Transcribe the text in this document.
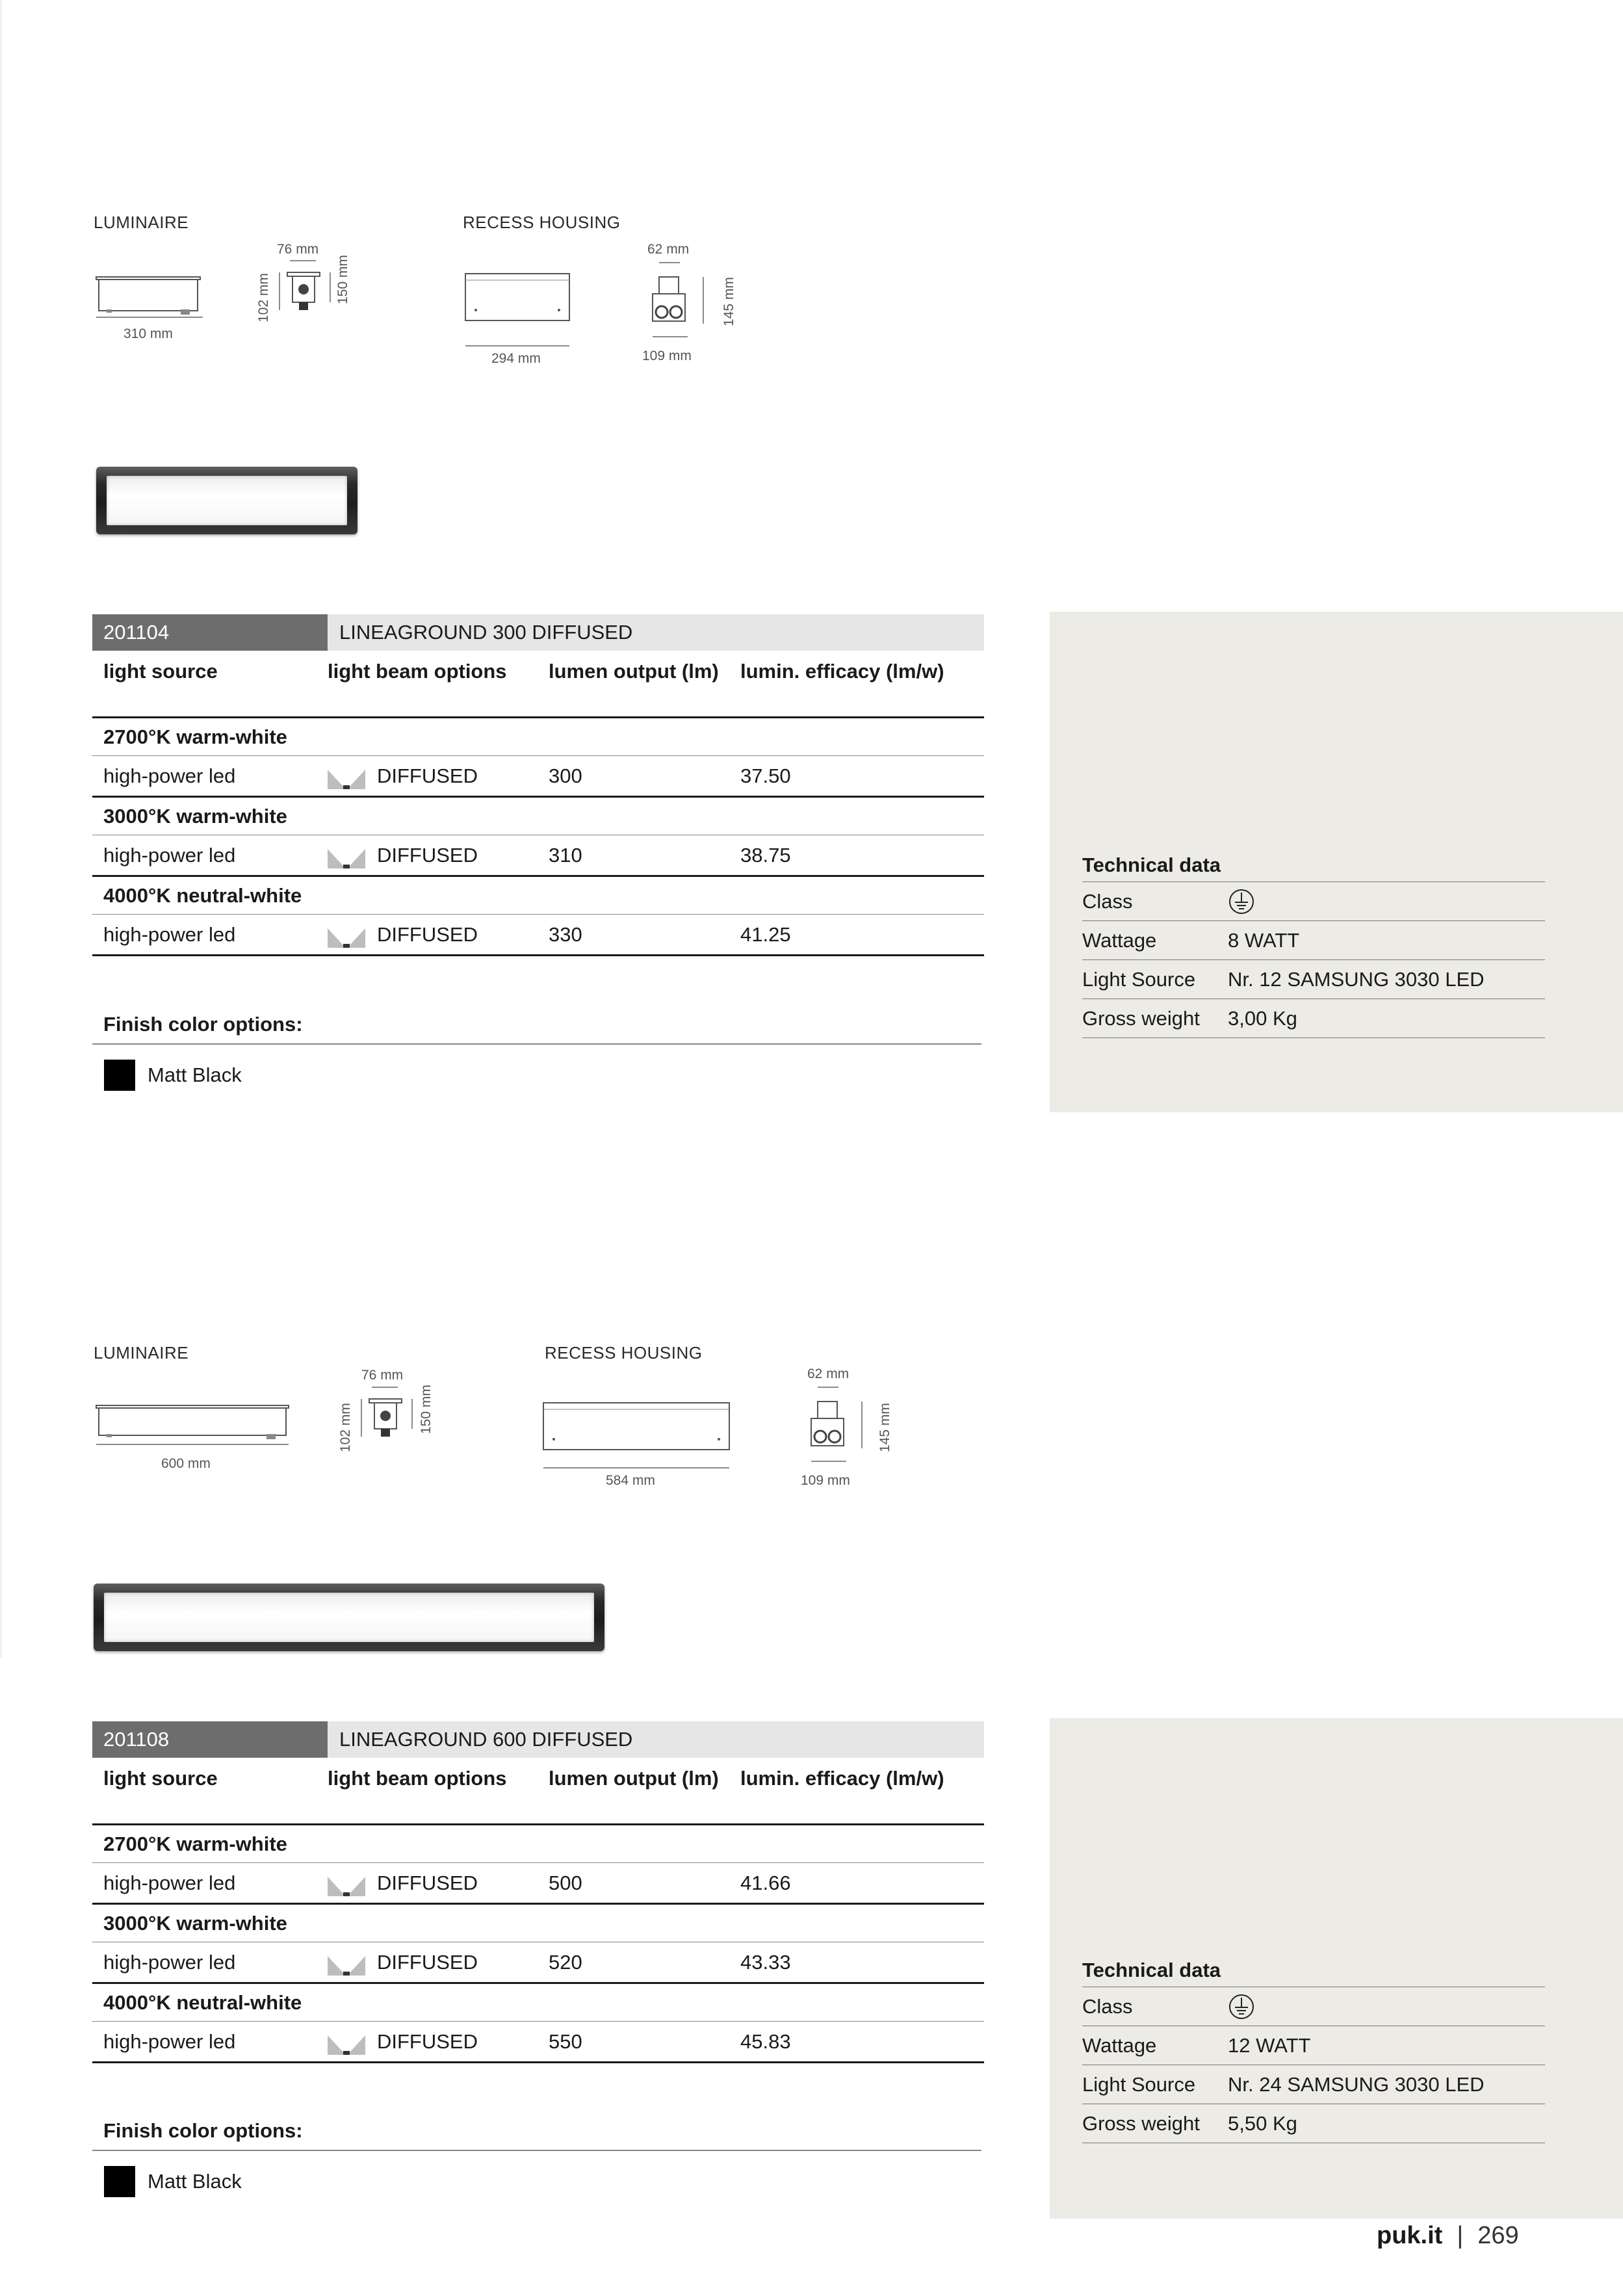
LUMINAIRE	RECESS HOUSING
310 mm
76 mm
102 mm	150 mm
294 mm
62 mm
145 mm
109 mm
201104	LINEAGROUND 300 DIFFUSED
light source	light beam options	lumen output (lm)	lumin. efficacy (lm/w)
2700°K warm-white
high-power led	DIFFUSED	300	37.50
3000°K warm-white
high-power led	DIFFUSED	310	38.75
4000°K neutral-white
high-power led	DIFFUSED	330	41.25
Finish color options:
Matt Black
Technical data
Class
Wattage	8 WATT
Light Source	Nr. 12 SAMSUNG 3030 LED
Gross weight	3,00 Kg
LUMINAIRE	RECESS HOUSING
600 mm
76 mm
102 mm	150 mm
584 mm
62 mm
145 mm
109 mm
201108	LINEAGROUND 600 DIFFUSED
light source	light beam options	lumen output (lm)	lumin. efficacy (lm/w)
2700°K warm-white
high-power led	DIFFUSED	500	41.66
3000°K warm-white
high-power led	DIFFUSED	520	43.33
4000°K neutral-white
high-power led	DIFFUSED	550	45.83
Finish color options:
Matt Black
Technical data
Class
Wattage	12 WATT
Light Source	Nr. 24 SAMSUNG 3030 LED
Gross weight	5,50 Kg
puk.it | 269
